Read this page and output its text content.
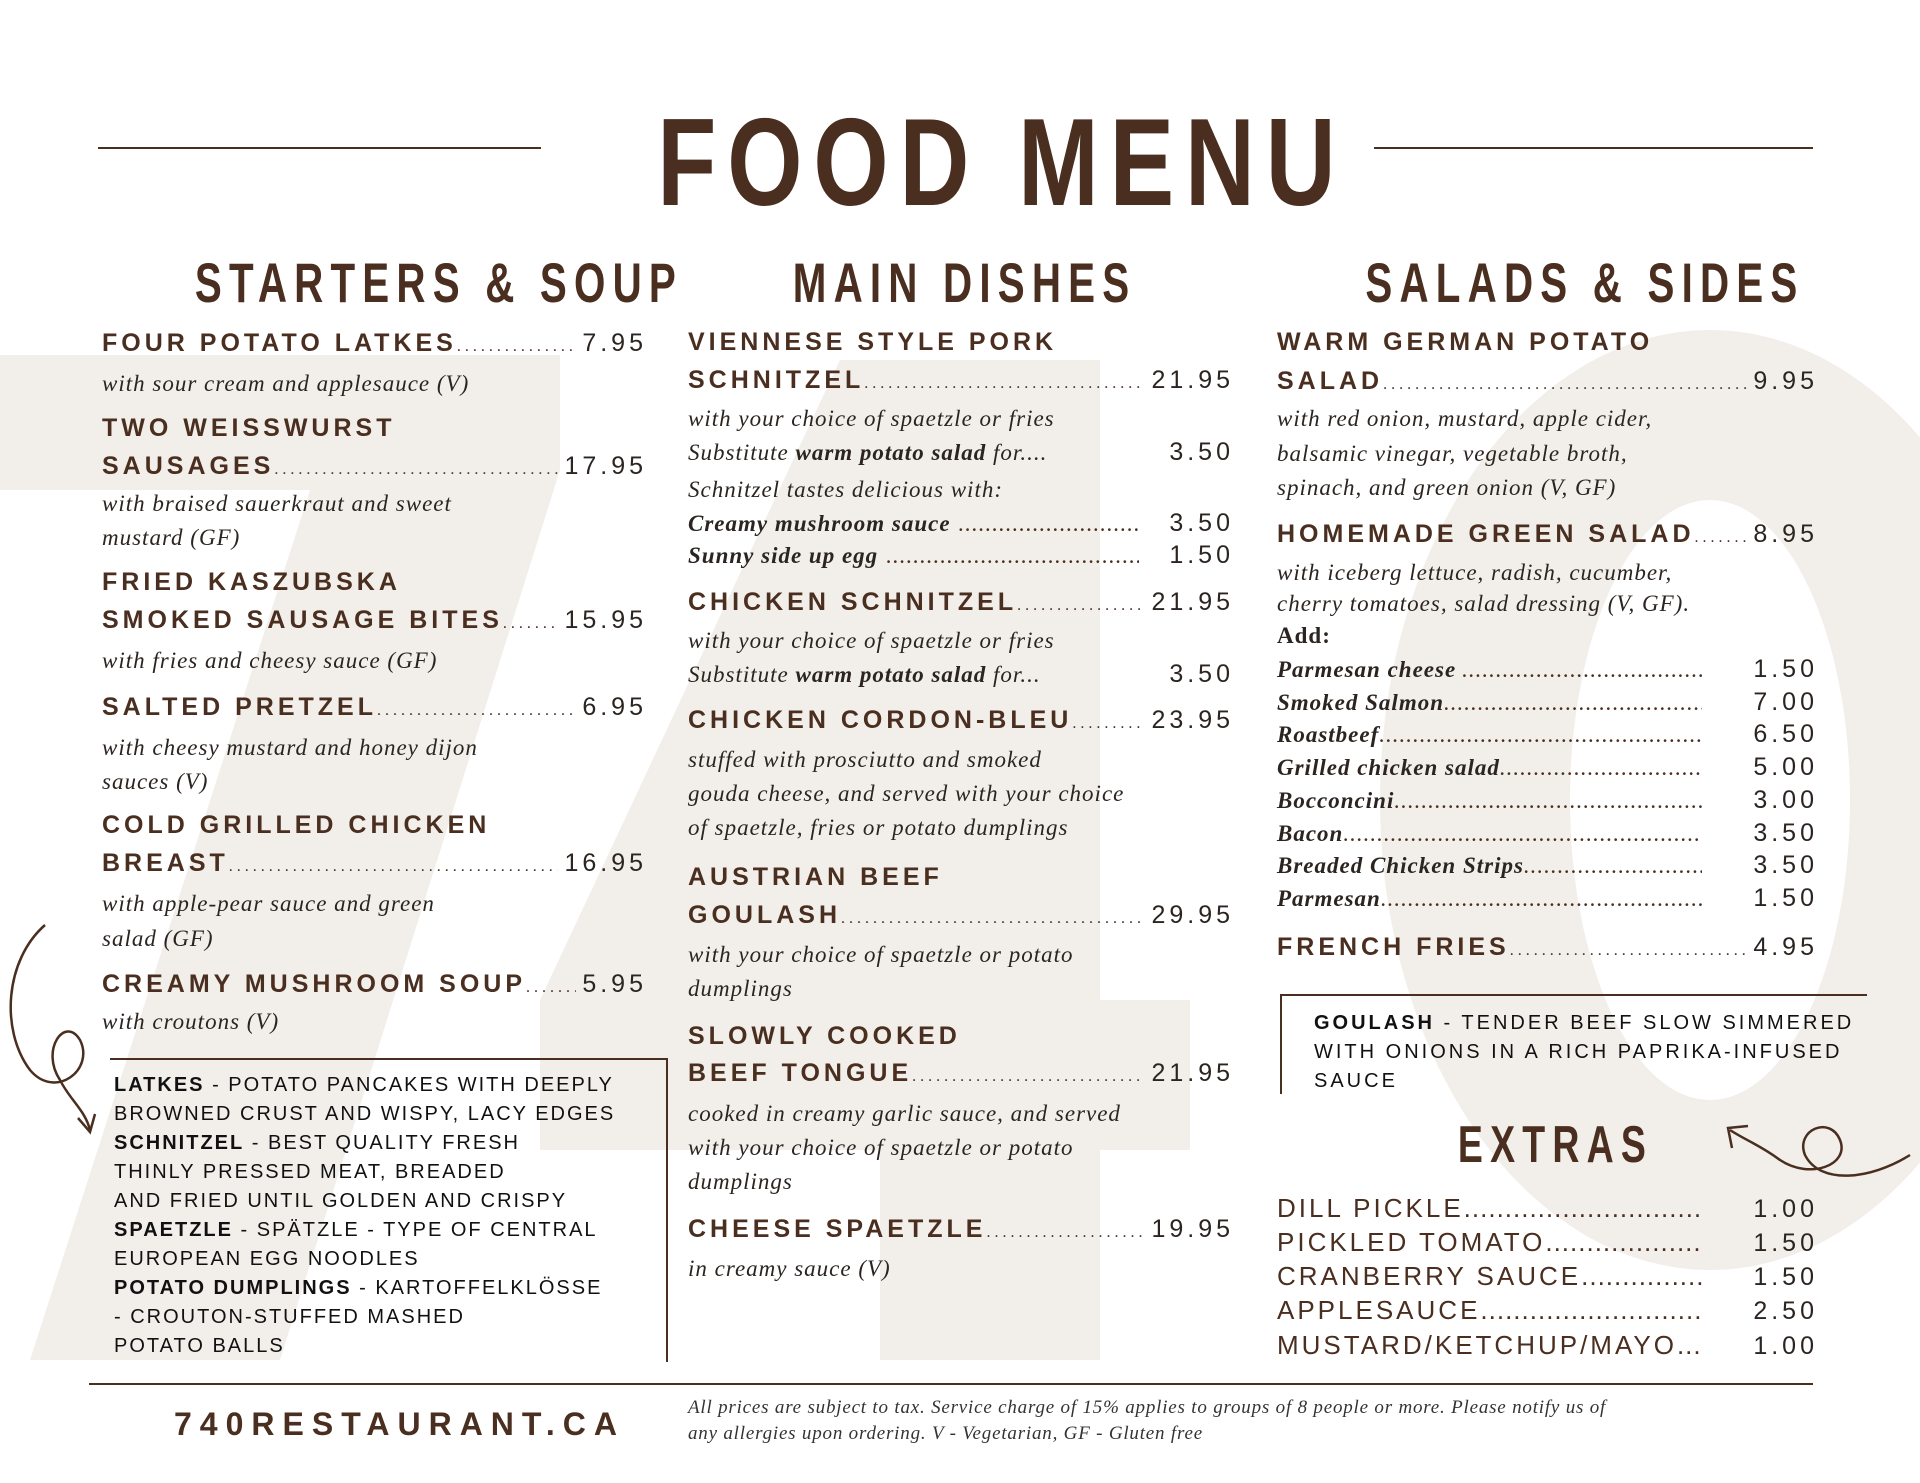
FOOD MENU
STARTERS & SOUP	MAIN DISHES	SALADS & SIDES
FOUR POTATO LATKES .....	7.95
with sour cream and applesauce (V)
TWO WEISSWURST
SAUSAGES .....	17.95
with braised sauerkraut and sweet
mustard (GF)
FRIED KASZUBSKA
SMOKED SAUSAGE BITES ..... 15.95
with fries and cheesy sauce (GF)
SALTED PRETZEL .....	6.95
with cheesy mustard and honey dijon
sauces (V)
COLD GRILLED CHICKEN
BREAST .....	16.95
with apple-pear sauce and green
salad (GF)
CREAMY MUSHROOM SOUP ..... 5.95
with croutons (V)
VIENNESE STYLE PORK
SCHNITZEL .....	21.95
with your choice of spaetzle or fries
Substitute warm potato salad for....	3.50
Schnitzel tastes delicious with:
Creamy mushroom sauce .....	3.50
Sunny side up egg .....	1.50
CHICKEN SCHNITZEL .....	21.95
with your choice of spaetzle or fries
Substitute warm potato salad for...	3.50
CHICKEN CORDON-BLEU .....	23.95
stuffed with prosciutto and smoked
gouda cheese, and served with your choice
of spaetzle, fries or potato dumplings
AUSTRIAN BEEF
GOULASH .....	29.95
with your choice of spaetzle or potato
dumplings
SLOWLY COOKED
BEEF TONGUE .....	21.95
cooked in creamy garlic sauce, and served
with your choice of spaetzle or potato
dumplings
CHEESE SPAETZLE .....	19.95
in creamy sauce (V)
WARM GERMAN POTATO
SALAD .....	9.95
with red onion, mustard, apple cider,
balsamic vinegar, vegetable broth,
spinach, and green onion (V, GF)
HOMEMADE GREEN SALAD ..... 8.95
with iceberg lettuce, radish, cucumber,
cherry tomatoes, salad dressing (V, GF).
Add:
Parmesan cheese .....	1.50
Smoked Salmon .....	7.00
Roastbeef .....	6.50
Grilled chicken salad .....	5.00
Bocconcini .....	3.00
Bacon .....	3.50
Breaded Chicken Strips .....	3.50
Parmesan .....	1.50
FRENCH FRIES .....	4.95
LATKES - POTATO PANCAKES WITH DEEPLY
BROWNED CRUST AND WISPY, LACY EDGES
SCHNITZEL - BEST QUALITY FRESH
THINLY PRESSED MEAT, BREADED
AND FRIED UNTIL GOLDEN AND CRISPY
SPAETZLE - SPÄTZLE - TYPE OF CENTRAL
EUROPEAN EGG NOODLES
POTATO DUMPLINGS - KARTOFFELKLÖSSE
- CROUTON-STUFFED MASHED
POTATO BALLS
GOULASH - TENDER BEEF SLOW SIMMERED
WITH ONIONS IN A RICH PAPRIKA-INFUSED
SAUCE
EXTRAS
DILL PICKLE .....	1.00
PICKLED TOMATO .....	1.50
CRANBERRY SAUCE .....	1.50
APPLESAUCE .....	2.50
MUSTARD/KETCHUP/MAYO .....	1.00
740RESTAURANT.CA	All prices are subject to tax. Service charge of 15% applies to groups of 8 people or more. Please notify us of
any allergies upon ordering. V - Vegetarian, GF - Gluten free
